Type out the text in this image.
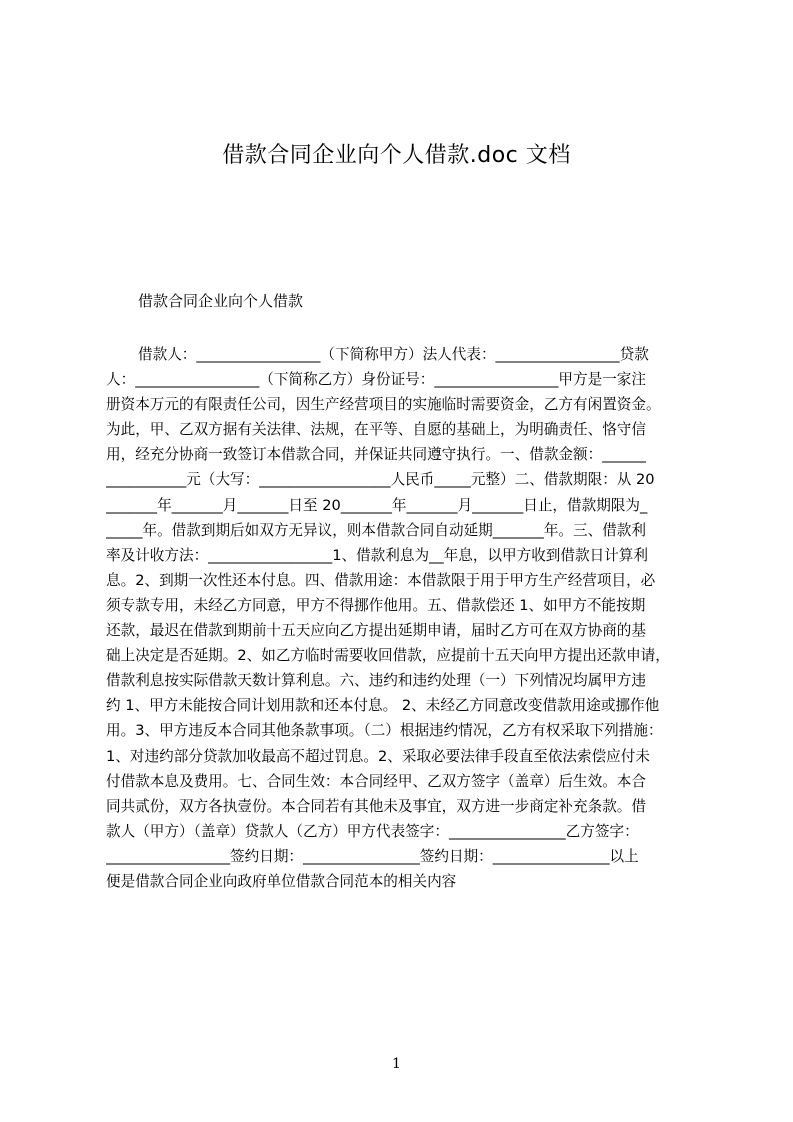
借款合同企业向个人借款.doc 文档
借款合同企业向个人借款
借款人：_________________（下简称甲方）法人代表：_________________贷款
人：_________________（下简称乙方）身份证号：_________________甲方是一家注
册资本万元的有限责任公司，因生产经营项目的实施临时需要资金，乙方有闲置资金。
为此，甲、乙双方据有关法律、法规，在平等、自愿的基础上，为明确责任、恪守信
用，经充分协商一致签订本借款合同，并保证共同遵守执行。一、借款金额：______
___________元（大写：__________________人民币_____元整）二、借款期限：从 20
_______年_______月_______日至 20_______年_______月_______日止，借款期限为_
_____年。借款到期后如双方无异议，则本借款合同自动延期_______年。三、借款利
率及计收方法：_________________1、借款利息为__年息，以甲方收到借款日计算利
息。2、到期一次性还本付息。四、借款用途：本借款限于用于甲方生产经营项目，必
须专款专用，未经乙方同意，甲方不得挪作他用。五、借款偿还 1、如甲方不能按期
还款，最迟在借款到期前十五天应向乙方提出延期申请，届时乙方可在双方协商的基
础上决定是否延期。2、如乙方临时需要收回借款，应提前十五天向甲方提出还款申请，
借款利息按实际借款天数计算利息。六、违约和违约处理（一）下列情况均属甲方违
约 1、甲方未能按合同计划用款和还本付息。 2、未经乙方同意改变借款用途或挪作他
用。3、甲方违反本合同其他条款事项。（二）根据违约情况，乙方有权采取下列措施：
1、对违约部分贷款加收最高不超过罚息。2、采取必要法律手段直至依法索偿应付未
付借款本息及费用。七、合同生效：本合同经甲、乙双方签字（盖章）后生效。本合
同共贰份，双方各执壹份。本合同若有其他未及事宜，双方进一步商定补充条款。借
款人（甲方）（盖章）贷款人（乙方）甲方代表签字：________________乙方签字：
_________________签约日期：________________签约日期：________________以上
便是借款合同企业向政府单位借款合同范本的相关内容
1
